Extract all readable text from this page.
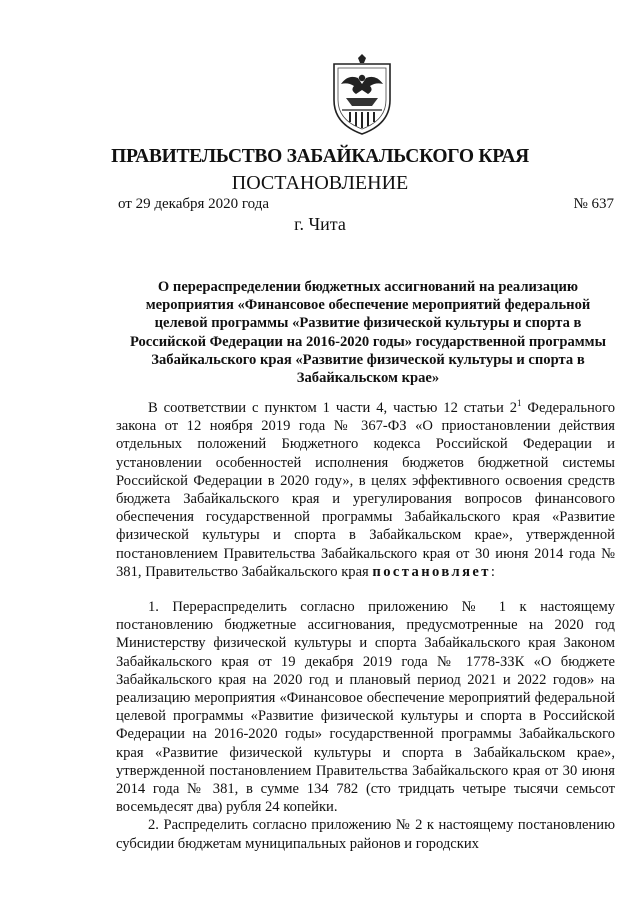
ПРАВИТЕЛЬСТВО ЗАБАЙКАЛЬСКОГО КРАЯ
ПОСТАНОВЛЕНИЕ
от 29 декабря 2020 года	№ 637
г. Чита
О перераспределении бюджетных ассигнований на реализацию
мероприятия «Финансовое обеспечение мероприятий федеральной
целевой программы «Развитие физической культуры и спорта в
Российской Федерации на 2016-2020 годы» государственной программы
Забайкальского края «Развитие физической культуры и спорта в
Забайкальском крае»

В соответствии с пунктом 1 части 4, частью 12 статьи $2^1$ Федерального закона от 12 ноября 2019 года № 367-ФЗ «О приостановлении действия отдельных положений Бюджетного кодекса Российской Федерации и установлении особенностей исполнения бюджетов бюджетной системы Российской Федерации в 2020 году», в целях эффективного освоения средств бюджета Забайкальского края и урегулирования вопросов финансового обеспечения государственной программы Забайкальского края «Развитие физической культуры и спорта в Забайкальском крае», утвержденной постановлением Правительства Забайкальского края от 30 июня 2014 года № 381, Правительство Забайкальского края постановляет:

1. Перераспределить согласно приложению № 1 к настоящему постановлению бюджетные ассигнования, предусмотренные на 2020 год Министерству физической культуры и спорта Забайкальского края Законом Забайкальского края от 19 декабря 2019 года № 1778-ЗЗК «О бюджете Забайкальского края на 2020 год и плановый период 2021 и 2022 годов» на реализацию мероприятия «Финансовое обеспечение мероприятий федеральной целевой программы «Развитие физической культуры и спорта в Российской Федерации на 2016-2020 годы» государственной программы Забайкальского края «Развитие физической культуры и спорта в Забайкальском крае», утвержденной постановлением Правительства Забайкальского края от 30 июня 2014 года № 381, в сумме 134 782 (сто тридцать четыре тысячи семьсот восемьдесят два) рубля 24 копейки.

2. Распределить согласно приложению № 2 к настоящему постановлению субсидии бюджетам муниципальных районов и городских
